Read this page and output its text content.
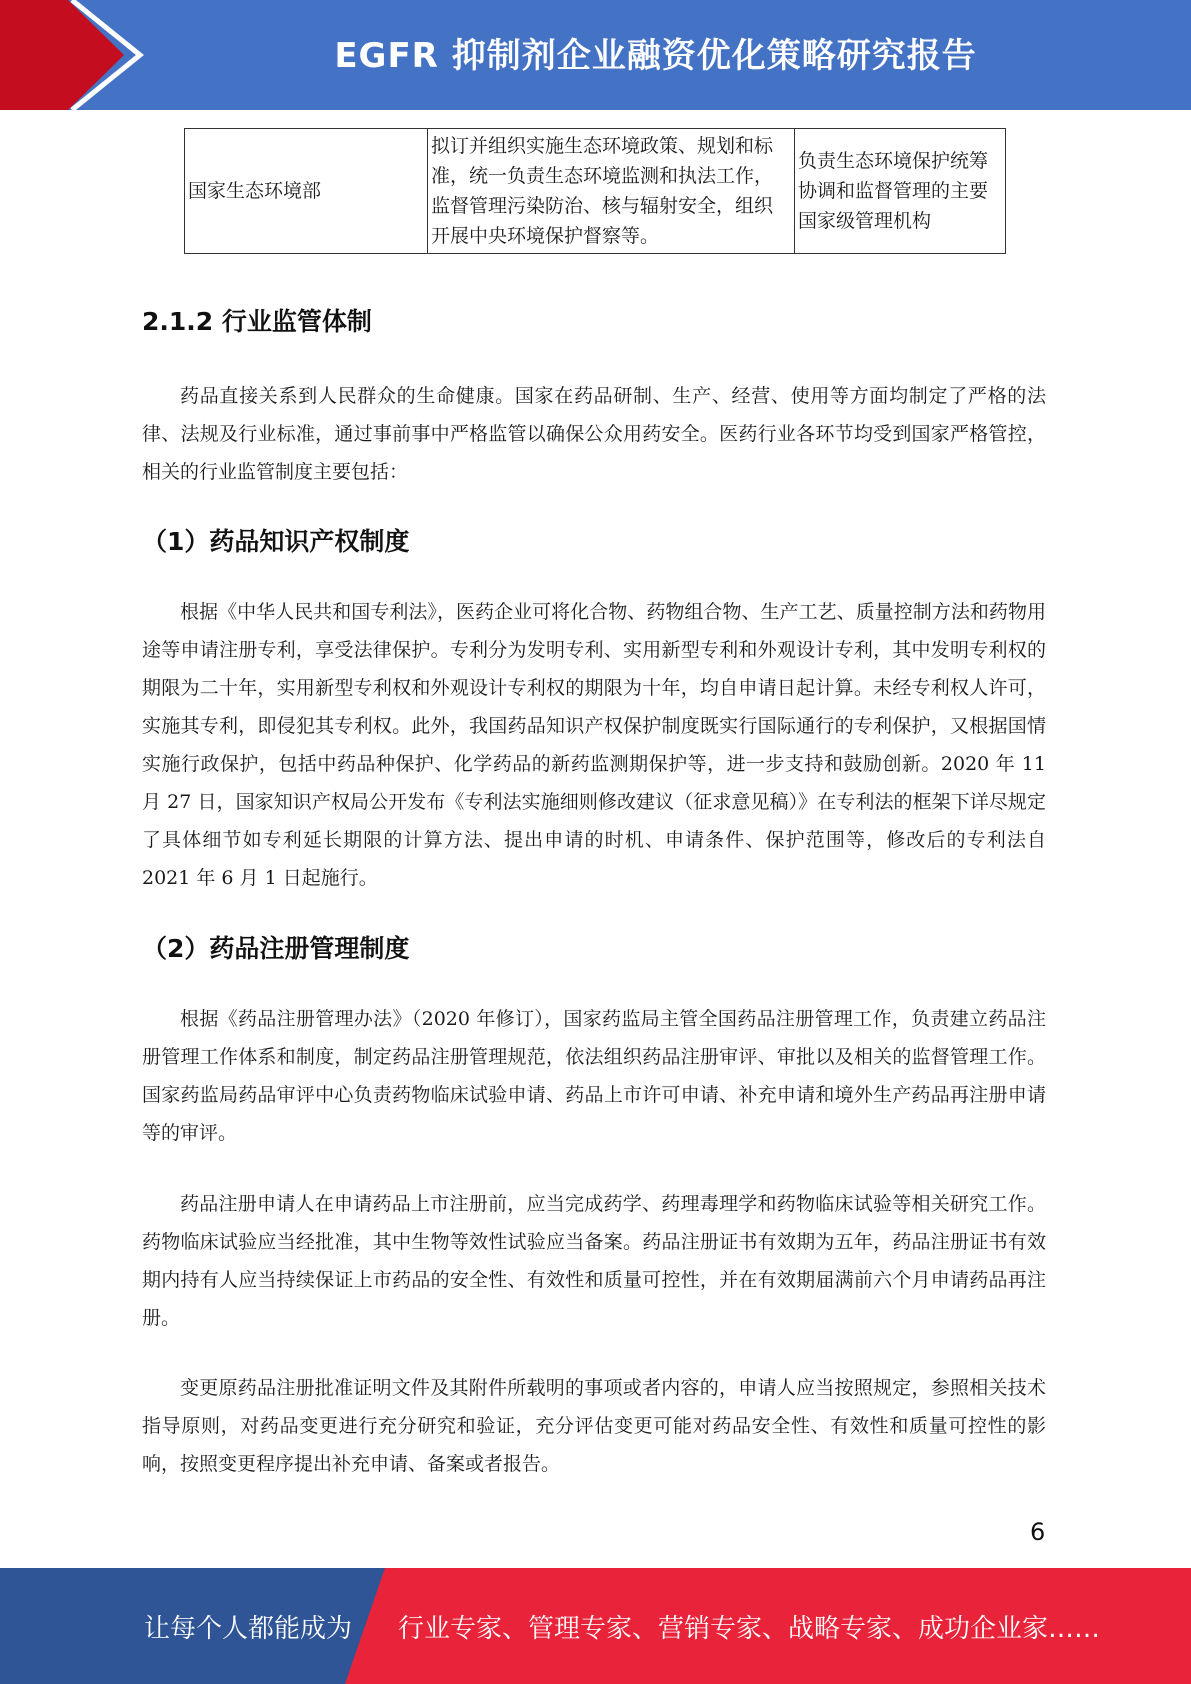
EGFR 抑制剂企业融资优化策略研究报告
国家生态环境部	拟订并组织实施生态环境政策、规划和标准，统一负责生态环境监测和执法工作，监督管理污染防治、核与辐射安全，组织开展中央环境保护督察等。	负责生态环境保护统筹协调和监督管理的主要国家级管理机构
2.1.2 行业监管体制

药品直接关系到人民群众的生命健康。国家在药品研制、生产、经营、使用等方面均制定了严格的法律、法规及行业标准，通过事前事中严格监管以确保公众用药安全。医药行业各环节均受到国家严格管控，相关的行业监管制度主要包括：

（1）药品知识产权制度

根据《中华人民共和国专利法》，医药企业可将化合物、药物组合物、生产工艺、质量控制方法和药物用途等申请注册专利，享受法律保护。专利分为发明专利、实用新型专利和外观设计专利，其中发明专利权的期限为二十年，实用新型专利权和外观设计专利权的期限为十年，均自申请日起计算。未经专利权人许可，实施其专利，即侵犯其专利权。此外，我国药品知识产权保护制度既实行国际通行的专利保护，又根据国情实施行政保护，包括中药品种保护、化学药品的新药监测期保护等，进一步支持和鼓励创新。2020 年 11 月 27 日，国家知识产权局公开发布《专利法实施细则修改建议（征求意见稿）》在专利法的框架下详尽规定了具体细节如专利延长期限的计算方法、提出申请的时机、申请条件、保护范围等，修改后的专利法自 2021 年 6 月 1 日起施行。

（2）药品注册管理制度

根据《药品注册管理办法》（2020 年修订），国家药监局主管全国药品注册管理工作，负责建立药品注册管理工作体系和制度，制定药品注册管理规范，依法组织药品注册审评、审批以及相关的监督管理工作。国家药监局药品审评中心负责药物临床试验申请、药品上市许可申请、补充申请和境外生产药品再注册申请等的审评。

药品注册申请人在申请药品上市注册前，应当完成药学、药理毒理学和药物临床试验等相关研究工作。药物临床试验应当经批准，其中生物等效性试验应当备案。药品注册证书有效期为五年，药品注册证书有效期内持有人应当持续保证上市药品的安全性、有效性和质量可控性，并在有效期届满前六个月申请药品再注册。

变更原药品注册批准证明文件及其附件所载明的事项或者内容的，申请人应当按照规定，参照相关技术指导原则，对药品变更进行充分研究和验证，充分评估变更可能对药品安全性、有效性和质量可控性的影响，按照变更程序提出补充申请、备案或者报告。

6
让每个人都能成为 行业专家、管理专家、营销专家、战略专家、成功企业家……
